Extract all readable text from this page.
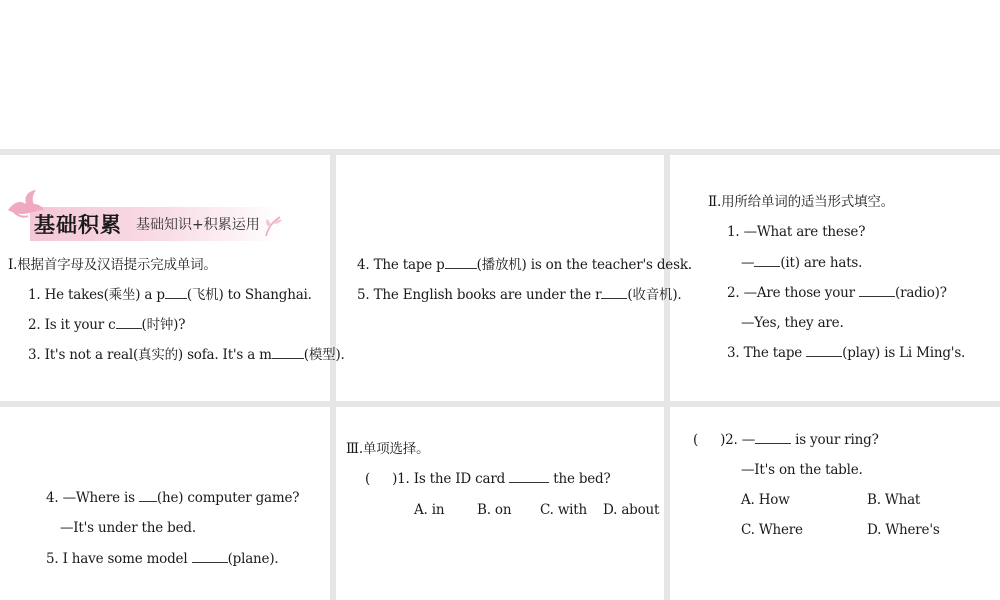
基础积累 基础知识+积累运用
Ⅰ.根据首字母及汉语提示完成单词。
1. He takes(乘坐) a p (飞机) to Shanghai.
2. Is it your c (时钟)?
3. It's not a real(真实的) sofa. It's a m (模型).
4. The tape p (播放机) is on the teacher's desk.
5. The English books are under the r (收音机).
Ⅱ.用所给单词的适当形式填空。
1. —What are these?
— (it) are hats.
2. —Are those your	(radio)?
—Yes, they are.
3. The tape	(play) is Li Ming's.
4. —Where is (he) computer game?
—It's under the bed.
5. I have some model	(plane).
Ⅲ.单项选择。
( )1. Is the ID card	the bed?
A. in B. on C. with D. about
( )2. —	is your ring?
—It's on the table.
A. How	B. What
C. Where	D. Where's
